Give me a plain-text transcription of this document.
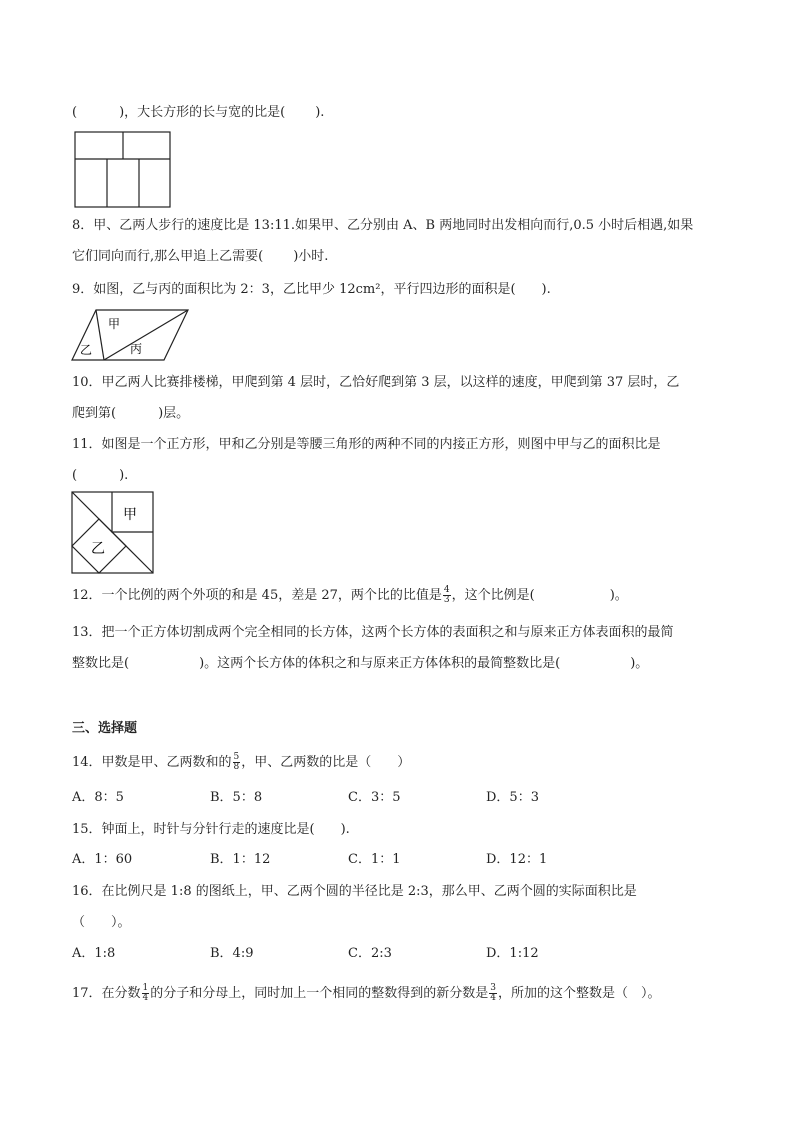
(	)，大长方形的长与宽的比是( ).
8．甲、乙两人步行的速度比是 13:11.如果甲、乙分别由 A、B 两地同时出发相向而行,0.5 小时后相遇,如果
它们同向而行,那么甲追上乙需要( )小时.
9．如图，乙与丙的面积比为 2：3，乙比甲少 12cm²，平行四边形的面积是( ).
甲
乙	丙
10．甲乙两人比赛排楼梯，甲爬到第 4 层时，乙恰好爬到第 3 层，以这样的速度，甲爬到第 37 层时，乙
爬到第(	)层。
11．如图是一个正方形，甲和乙分别是等腰三角形的两种不同的内接正方形，则图中甲与乙的面积比是
(	).
甲
乙
12．一个比例的两个外项的和是 45，差是 27，两个比的比值是 $\frac{4}{3}$ ，这个比例是(	)。
13．把一个正方体切割成两个完全相同的长方体，这两个长方体的表面积之和与原来正方体表面积的最简
整数比是(	)。这两个长方体的体积之和与原来正方体体积的最简整数比是(	)。
三、选择题
14．甲数是甲、乙两数和的 $\frac{5}{8}$ ，甲、乙两数的比是（　　）
A．8：5	B．5：8	C．3：5	D．5：3
15．钟面上，时针与分针行走的速度比是(　　).
A．1：60	B．1：12	C．1：1	D．12：1
16．在比例尺是 1:8 的图纸上，甲、乙两个圆的半径比是 2:3，那么甲、乙两个圆的实际面积比是
（　　）。
A．1:8	B．4:9	C．2:3	D．1:12
17．在分数 $\frac{1}{4}$ 的分子和分母上，同时加上一个相同的整数得到的新分数是 $\frac{3}{4}$ ，所加的这个整数是（　）。
